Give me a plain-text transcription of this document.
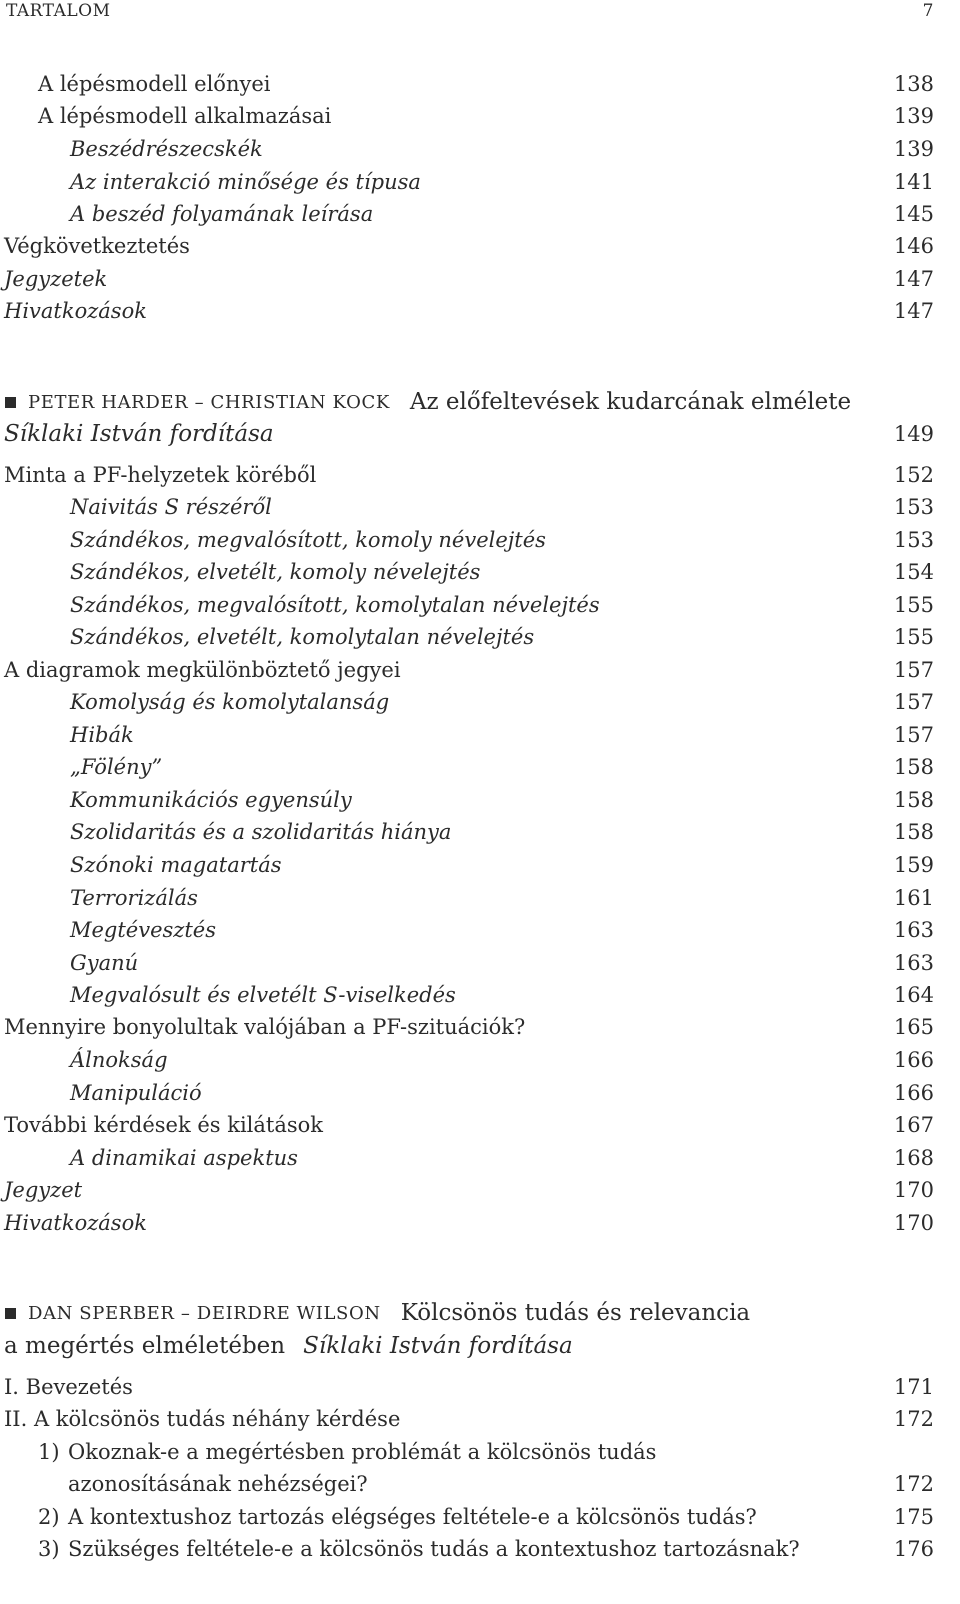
TARTALOM	7
A lépésmodell előnyei	138
A lépésmodell alkalmazásai	139
Beszédrészecskék	139
Az interakció minősége és típusa	141
A beszéd folyamának leírása	145
Végkövetkeztetés	146
Jegyzetek	147
Hivatkozások	147
PETER HARDER – CHRISTIAN KOCK Az előfeltevések kudarcának elmélete
Síklaki István fordítása	149
Minta a PF-helyzetek köréből	152
Naivitás S részéről	153
Szándékos, megvalósított, komoly névelejtés	153
Szándékos, elvetélt, komoly névelejtés	154
Szándékos, megvalósított, komolytalan névelejtés	155
Szándékos, elvetélt, komolytalan névelejtés	155
A diagramok megkülönböztető jegyei	157
Komolyság és komolytalanság	157
Hibák	157
„Fölény”	158
Kommunikációs egyensúly	158
Szolidaritás és a szolidaritás hiánya	158
Szónoki magatartás	159
Terrorizálás	161
Megtévesztés	163
Gyanú	163
Megvalósult és elvetélt S-viselkedés	164
Mennyire bonyolultak valójában a PF-szituációk?	165
Álnokság	166
Manipuláció	166
További kérdések és kilátások	167
A dinamikai aspektus	168
Jegyzet	170
Hivatkozások	170
DAN SPERBER – DEIRDRE WILSON Kölcsönös tudás és relevancia
a megértés elméletében Síklaki István fordítása
I. Bevezetés	171
II. A kölcsönös tudás néhány kérdése	172
1) Okoznak-e a megértésben problémát a kölcsönös tudás
azonosításának nehézségei?	172
2) A kontextushoz tartozás elégséges feltétele-e a kölcsönös tudás?	175
3) Szükséges feltétele-e a kölcsönös tudás a kontextushoz tartozásnak?	176
